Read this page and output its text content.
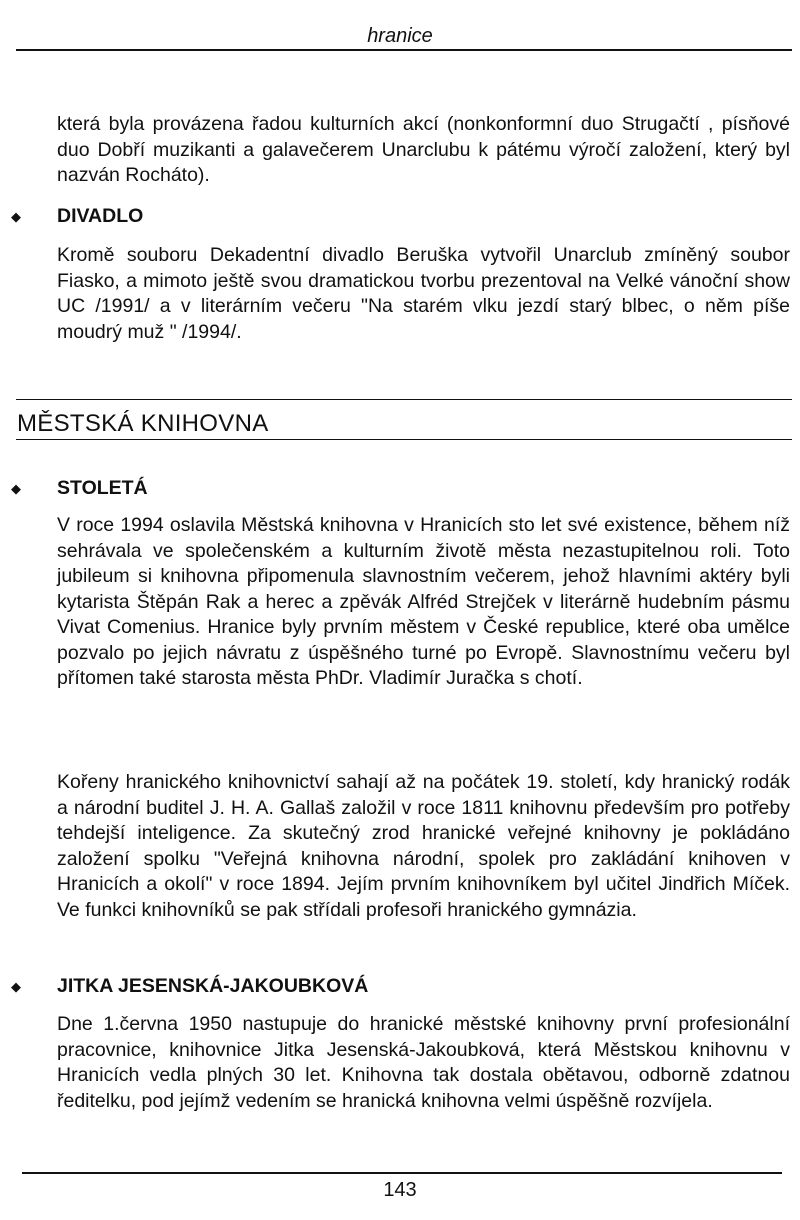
hranice

která byla provázena řadou kulturních akcí (nonkonformní duo Strugačtí , písňové duo Dobří muzikanti a galavečerem Unarclubu k pátému výročí založení, který byl nazván Rocháto).

◆ DIVADLO

Kromě souboru Dekadentní divadlo Beruška vytvořil Unarclub zmíněný soubor Fiasko, a mimoto ještě svou dramatickou tvorbu prezentoval na Velké vánoční show UC /1991/ a v literárním večeru "Na starém vlku jezdí starý blbec, o něm píše moudrý muž " /1994/.

MĚSTSKÁ KNIHOVNA
◆ STOLETÁ

V roce 1994 oslavila Městská knihovna v Hranicích sto let své existence, během níž sehrávala ve společenském a kulturním životě města nezastupitelnou roli. Toto jubileum si knihovna připomenula slavnostním večerem, jehož hlavními aktéry byli kytarista Štěpán Rak a herec a zpěvák Alfréd Strejček v literárně hudebním pásmu Vivat Comenius. Hranice byly prvním městem v České republice, které oba umělce pozvalo po jejich návratu z úspěšného turné po Evropě. Slavnostnímu večeru byl přítomen také starosta města PhDr. Vladimír Juračka s chotí.

Kořeny hranického knihovnictví sahají až na počátek 19. století, kdy hranický rodák a národní buditel J. H. A. Gallaš založil v roce 1811 knihovnu především pro potřeby tehdejší inteligence. Za skutečný zrod hranické veřejné knihovny je pokládáno založení spolku "Veřejná knihovna národní, spolek pro zakládání knihoven v Hranicích a okolí" v roce 1894. Jejím prvním knihovníkem byl učitel Jindřich Míček. Ve funkci knihovníků se pak střídali profesoři hranického gymnázia.

◆ JITKA JESENSKÁ-JAKOUBKOVÁ

Dne 1.června 1950 nastupuje do hranické městské knihovny první profesionální pracovnice, knihovnice Jitka Jesenská-Jakoubková, která Městskou knihovnu v Hranicích vedla plných 30 let. Knihovna tak dostala obětavou, odborně zdatnou ředitelku, pod jejímž vedením se hranická knihovna velmi úspěšně rozvíjela.

143
